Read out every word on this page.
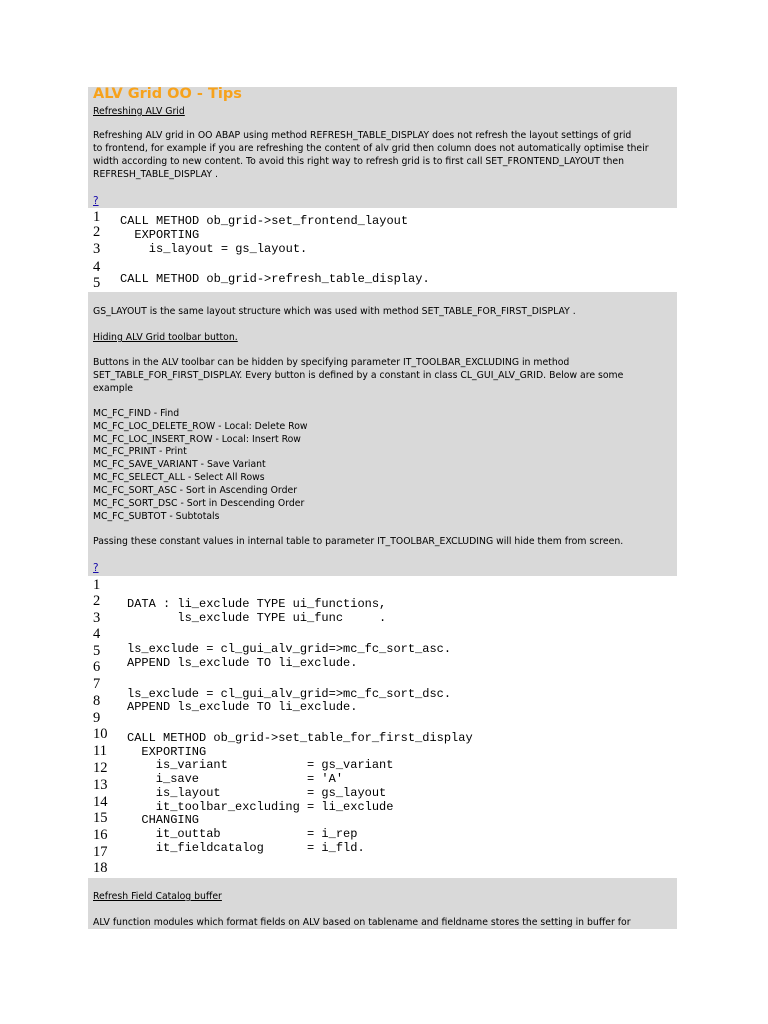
ALV Grid OO - Tips
Refreshing ALV Grid
Refreshing ALV grid in OO ABAP using method REFRESH_TABLE_DISPLAY does not refresh the layout settings of grid
to frontend, for example if you are refreshing the content of alv grid then column does not automatically optimise their
width according to new content. To avoid this right way to refresh grid is to first call SET_FRONTEND_LAYOUT then
REFRESH_TABLE_DISPLAY .
?
1
2
3
4
5
CALL METHOD ob_grid->set_frontend_layout
EXPORTING
is_layout = gs_layout.
CALL METHOD ob_grid->refresh_table_display.
GS_LAYOUT is the same layout structure which was used with method SET_TABLE_FOR_FIRST_DISPLAY .
Hiding ALV Grid toolbar button.
Buttons in the ALV toolbar can be hidden by specifying parameter IT_TOOLBAR_EXCLUDING in method
SET_TABLE_FOR_FIRST_DISPLAY. Every button is defined by a constant in class CL_GUI_ALV_GRID. Below are some
example
MC_FC_FIND - Find
MC_FC_LOC_DELETE_ROW - Local: Delete Row
MC_FC_LOC_INSERT_ROW - Local: Insert Row
MC_FC_PRINT - Print
MC_FC_SAVE_VARIANT - Save Variant
MC_FC_SELECT_ALL - Select All Rows
MC_FC_SORT_ASC - Sort in Ascending Order
MC_FC_SORT_DSC - Sort in Descending Order
MC_FC_SUBTOT - Subtotals
Passing these constant values in internal table to parameter IT_TOOLBAR_EXCLUDING will hide them from screen.
?
1
2
3
4
5
6
7
8
9
10
11
12
13
14
15
16
17
18
DATA : li_exclude TYPE ui_functions,
ls_exclude TYPE ui_func     .
ls_exclude = cl_gui_alv_grid=>mc_fc_sort_asc.
APPEND ls_exclude TO li_exclude.
ls_exclude = cl_gui_alv_grid=>mc_fc_sort_dsc.
APPEND ls_exclude TO li_exclude.
CALL METHOD ob_grid->set_table_for_first_display
EXPORTING
is_variant           = gs_variant
i_save               = 'A'
is_layout            = gs_layout
it_toolbar_excluding = li_exclude
CHANGING
it_outtab            = i_rep
it_fieldcatalog      = i_fld.
Refresh Field Catalog buffer
ALV function modules which format fields on ALV based on tablename and fieldname stores the setting in buffer for
